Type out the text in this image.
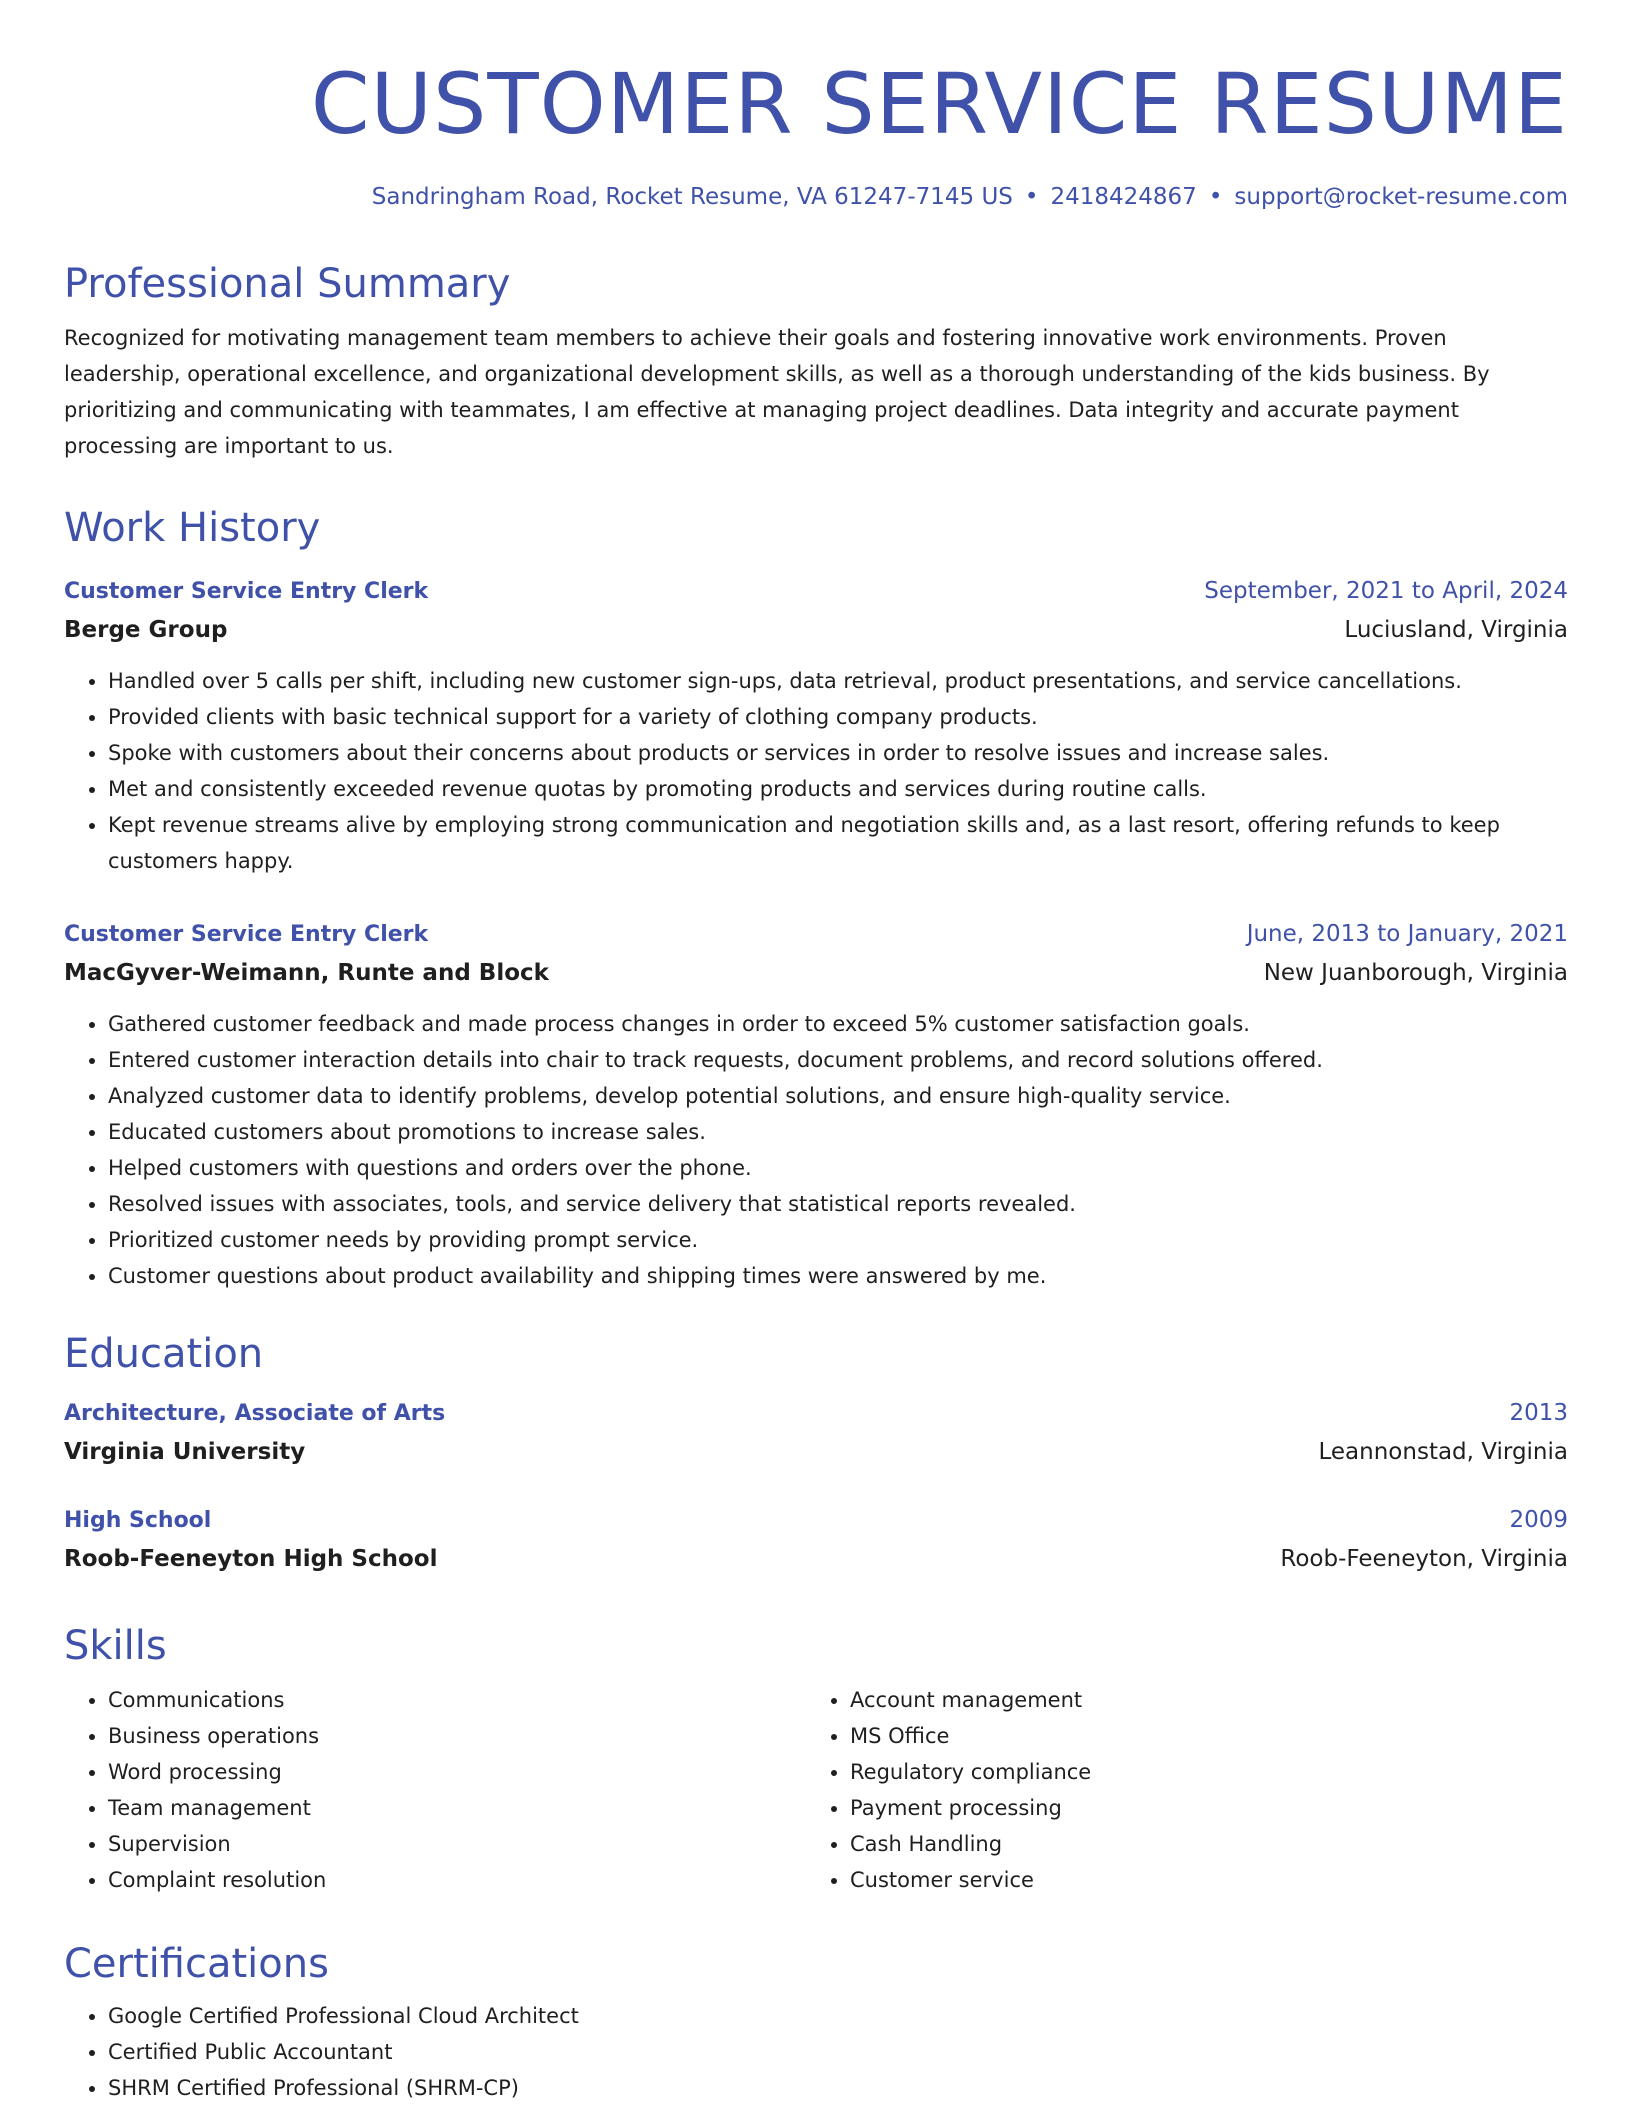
CUSTOMER SERVICE RESUME
Sandringham Road, Rocket Resume, VA 61247-7145 US • 2418424867 • support@rocket-resume.com
Professional Summary

Recognized for motivating management team members to achieve their goals and fostering innovative work environments. Proven leadership, operational excellence, and organizational development skills, as well as a thorough understanding of the kids business. By prioritizing and communicating with teammates, I am effective at managing project deadlines. Data integrity and accurate payment processing are important to us.

Work History
Customer Service Entry Clerk	September, 2021 to April, 2024
Berge Group	Luciusland, Virginia
• Handled over 5 calls per shift, including new customer sign-ups, data retrieval, product presentations, and service cancellations.
• Provided clients with basic technical support for a variety of clothing company products.
• Spoke with customers about their concerns about products or services in order to resolve issues and increase sales.
• Met and consistently exceeded revenue quotas by promoting products and services during routine calls.
• Kept revenue streams alive by employing strong communication and negotiation skills and, as a last resort, offering refunds to keep customers happy.
Customer Service Entry Clerk	June, 2013 to January, 2021
MacGyver-Weimann, Runte and Block	New Juanborough, Virginia
• Gathered customer feedback and made process changes in order to exceed 5% customer satisfaction goals.
• Entered customer interaction details into chair to track requests, document problems, and record solutions offered.
• Analyzed customer data to identify problems, develop potential solutions, and ensure high-quality service.
• Educated customers about promotions to increase sales.
• Helped customers with questions and orders over the phone.
• Resolved issues with associates, tools, and service delivery that statistical reports revealed.
• Prioritized customer needs by providing prompt service.
• Customer questions about product availability and shipping times were answered by me.
Education
Architecture, Associate of Arts	2013
Virginia University	Leannonstad, Virginia
High School	2009
Roob-Feeneyton High School	Roob-Feeneyton, Virginia
Skills
• Communications
• Business operations
• Word processing
• Team management
• Supervision
• Complaint resolution
• Account management
• MS Office
• Regulatory compliance
• Payment processing
• Cash Handling
• Customer service
Certifications
• Google Certified Professional Cloud Architect
• Certified Public Accountant
• SHRM Certified Professional (SHRM-CP)
